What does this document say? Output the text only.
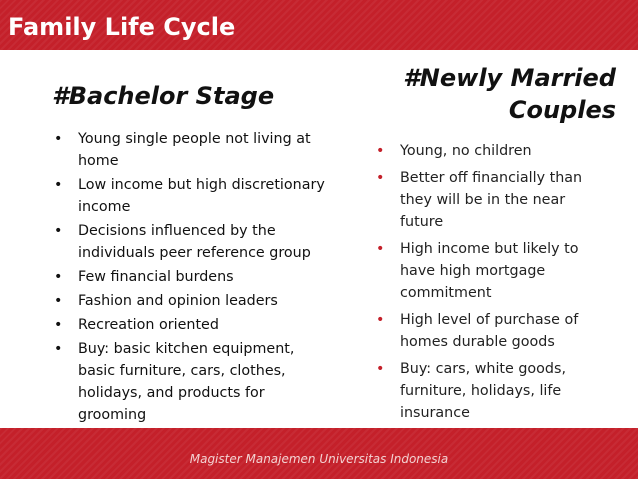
Family Life Cycle
#Bachelor Stage
#Newly Married Couples
• Young single people not living at home
• Low income but high discretionary income
• Decisions influenced by the individuals peer reference group
• Few financial burdens
• Fashion and opinion leaders
• Recreation oriented
• Buy: basic kitchen equipment, basic furniture, cars, clothes, holidays, and products for grooming
• Young, no children
• Better off financially than they will be in the near future
• High income but likely to have high mortgage commitment
• High level of purchase of homes durable goods
• Buy: cars, white goods, furniture, holidays, life insurance
Magister Manajemen Universitas Indonesia
